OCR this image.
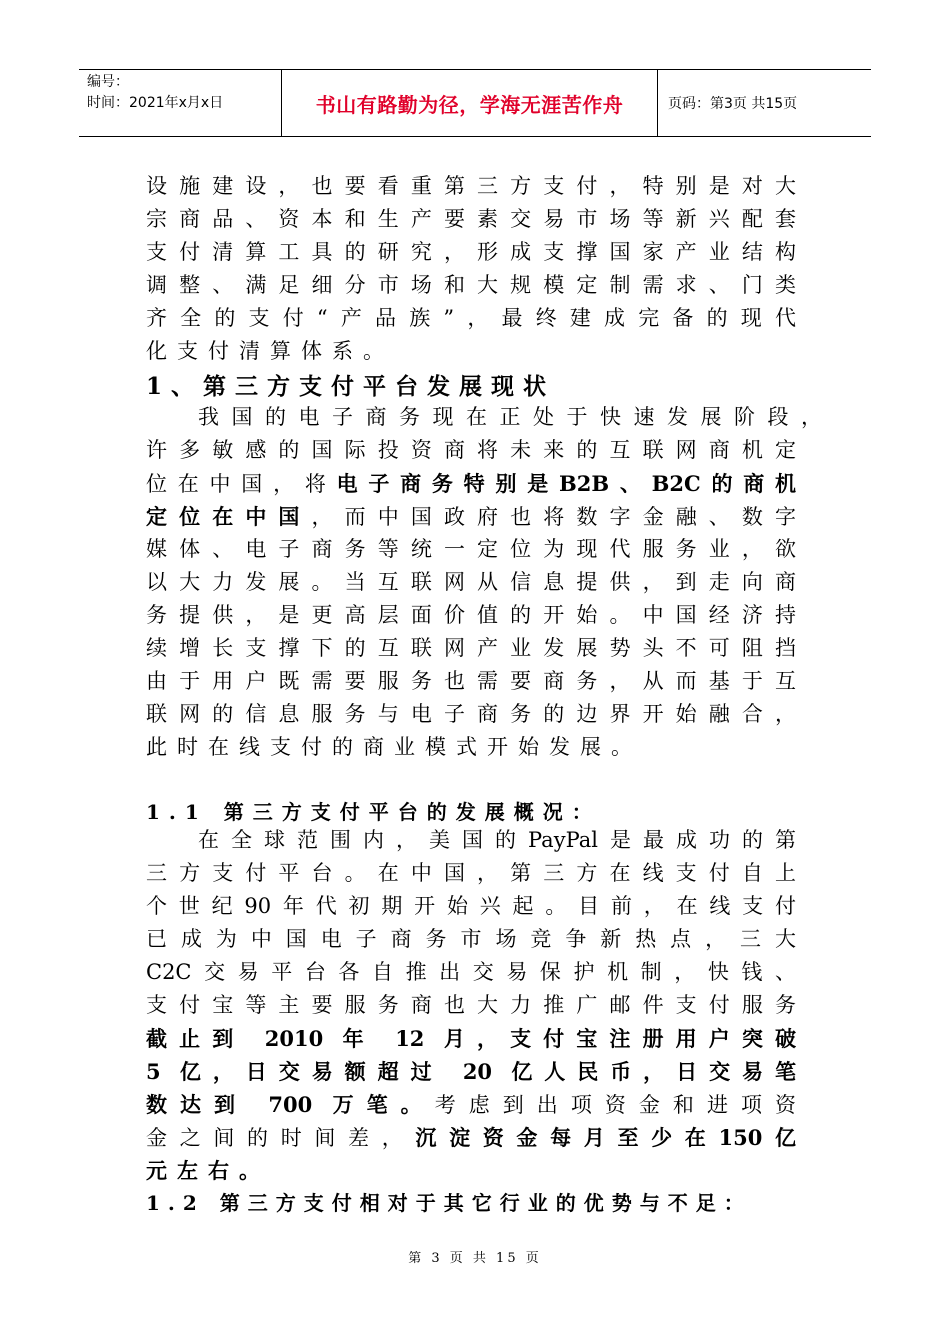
编号：
时间：2021年x月x日	书山有路勤为径，学海无涯苦作舟	页码：第3页 共15页
设施建设，也要看重第三方支付，特别是对大
宗商品、资本和生产要素交易市场等新兴配套
支付清算工具的研究，形成支撑国家产业结构
调整、满足细分市场和大规模定制需求、门类
齐全的支付“产品族”，最终建成完备的现代
化支付清算体系。
1、第三方支付平台发展现状
我国的电子商务现在正处于快速发展阶段，
许多敏感的国际投资商将未来的互联网商机定
位在中国，将电子商务特别是B2B、B2C的商机
定位在中国，而中国政府也将数字金融、数字
媒体、电子商务等统一定位为现代服务业，欲
以大力发展。当互联网从信息提供，到走向商
务提供，是更高层面价值的开始。中国经济持
续增长支撑下的互联网产业发展势头不可阻挡
由于用户既需要服务也需要商务，从而基于互
联网的信息服务与电子商务的边界开始融合，
此时在线支付的商业模式开始发展。
1.1 第三方支付平台的发展概况：
在全球范围内，美国的PayPal是最成功的第
三方支付平台。在中国，第三方在线支付自上
个世纪90年代初期开始兴起。目前，在线支付
已成为中国电子商务市场竞争新热点，三大
C2C交易平台各自推出交易保护机制，快钱、
支付宝等主要服务商也大力推广邮件支付服务
截止到 2010 年 12 月，支付宝注册用户突破
5 亿，日交易额超过 20 亿人民币，日交易笔
数达到 700 万笔。考虑到出项资金和进项资
金之间的时间差，沉淀资金每月至少在150亿
元左右。
1.2 第三方支付相对于其它行业的优势与不足：
第 3 页 共 15 页
